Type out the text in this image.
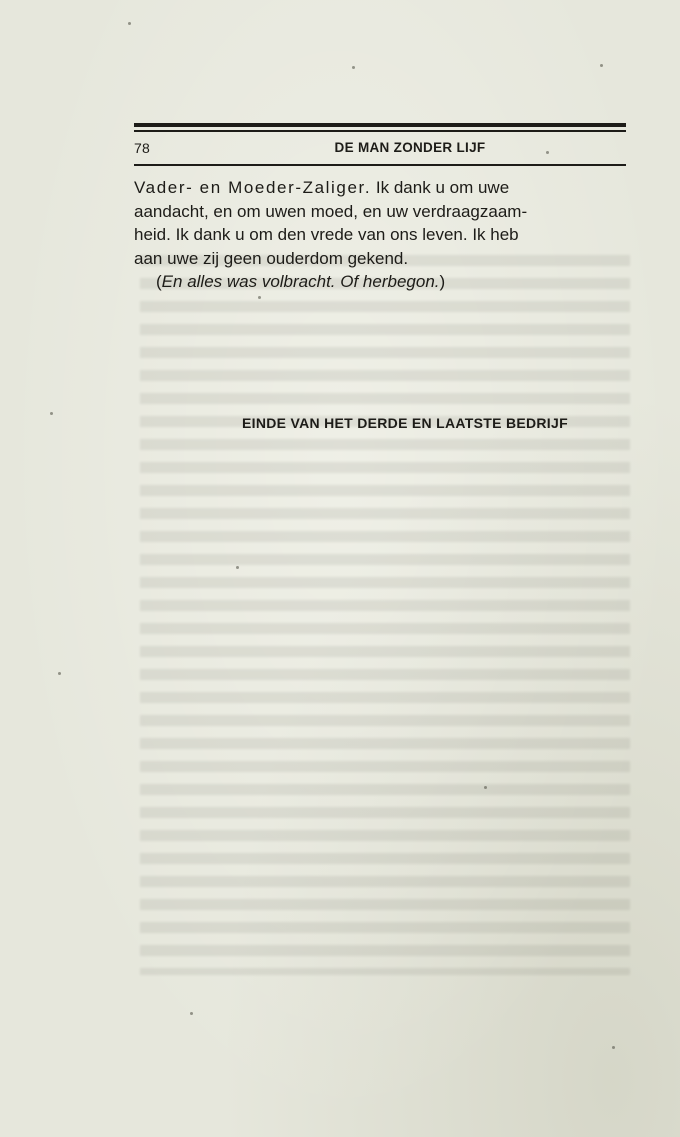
78	DE MAN ZONDER LIJF

Vader- en Moeder-Zaliger. Ik dank u om uwe
aandacht, en om uwen moed, en uw verdraagzaam-
heid. Ik dank u om den vrede van ons leven. Ik heb
aan uwe zij geen ouderdom gekend.

(En alles was volbracht. Of herbegon.)

EINDE VAN HET DERDE EN LAATSTE BEDRIJF
